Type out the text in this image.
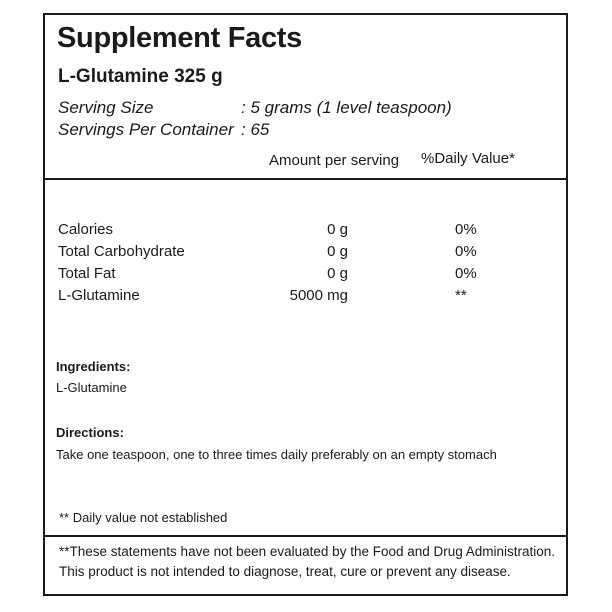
Supplement Facts
L-Glutamine 325 g
Serving Size	: 5 grams (1 level teaspoon)
Servings Per Container : 65
Amount per serving %Daily Value*
Calories	0 g	0%
Total Carbohydrate	0 g	0%
Total Fat	0 g	0%
L-Glutamine	5000 mg	**
Ingredients:
L-Glutamine
Directions:
Take one teaspoon, one to three times daily preferably on an empty stomach
** Daily value not established
**These statements have not been evaluated by the Food and Drug Administration.
This product is not intended to diagnose, treat, cure or prevent any disease.
